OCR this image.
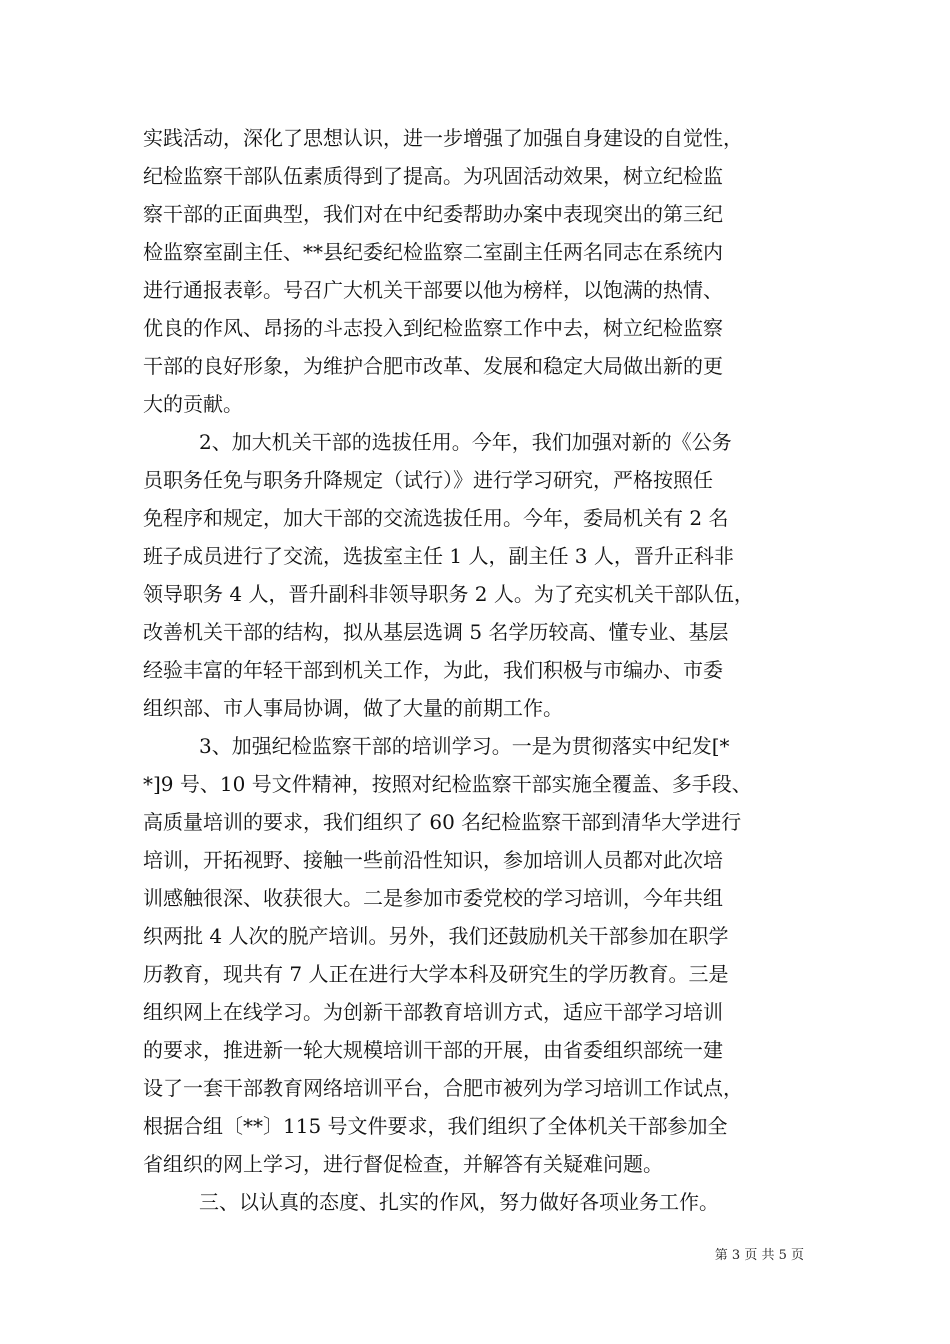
实践活动，深化了思想认识，进一步增强了加强自身建设的自觉性，
纪检监察干部队伍素质得到了提高。为巩固活动效果，树立纪检监
察干部的正面典型，我们对在中纪委帮助办案中表现突出的第三纪
检监察室副主任、**县纪委纪检监察二室副主任两名同志在系统内
进行通报表彰。号召广大机关干部要以他为榜样，以饱满的热情、
优良的作风、昂扬的斗志投入到纪检监察工作中去，树立纪检监察
干部的良好形象，为维护合肥市改革、发展和稳定大局做出新的更
大的贡献。
2、加大机关干部的选拔任用。今年，我们加强对新的《公务
员职务任免与职务升降规定（试行）》进行学习研究，严格按照任
免程序和规定，加大干部的交流选拔任用。今年，委局机关有 2 名
班子成员进行了交流，选拔室主任 1 人，副主任 3 人，晋升正科非
领导职务 4 人，晋升副科非领导职务 2 人。为了充实机关干部队伍，
改善机关干部的结构，拟从基层选调 5 名学历较高、懂专业、基层
经验丰富的年轻干部到机关工作，为此，我们积极与市编办、市委
组织部、市人事局协调，做了大量的前期工作。
3、加强纪检监察干部的培训学习。一是为贯彻落实中纪发[*
*]9 号、10 号文件精神，按照对纪检监察干部实施全覆盖、多手段、
高质量培训的要求，我们组织了 60 名纪检监察干部到清华大学进行
培训，开拓视野、接触一些前沿性知识，参加培训人员都对此次培
训感触很深、收获很大。二是参加市委党校的学习培训，今年共组
织两批 4 人次的脱产培训。另外，我们还鼓励机关干部参加在职学
历教育，现共有 7 人正在进行大学本科及研究生的学历教育。三是
组织网上在线学习。为创新干部教育培训方式，适应干部学习培训
的要求，推进新一轮大规模培训干部的开展，由省委组织部统一建
设了一套干部教育网络培训平台，合肥市被列为学习培训工作试点，
根据合组〔**〕115 号文件要求，我们组织了全体机关干部参加全
省组织的网上学习，进行督促检查，并解答有关疑难问题。
三、以认真的态度、扎实的作风，努力做好各项业务工作。
第 3 页 共 5 页
